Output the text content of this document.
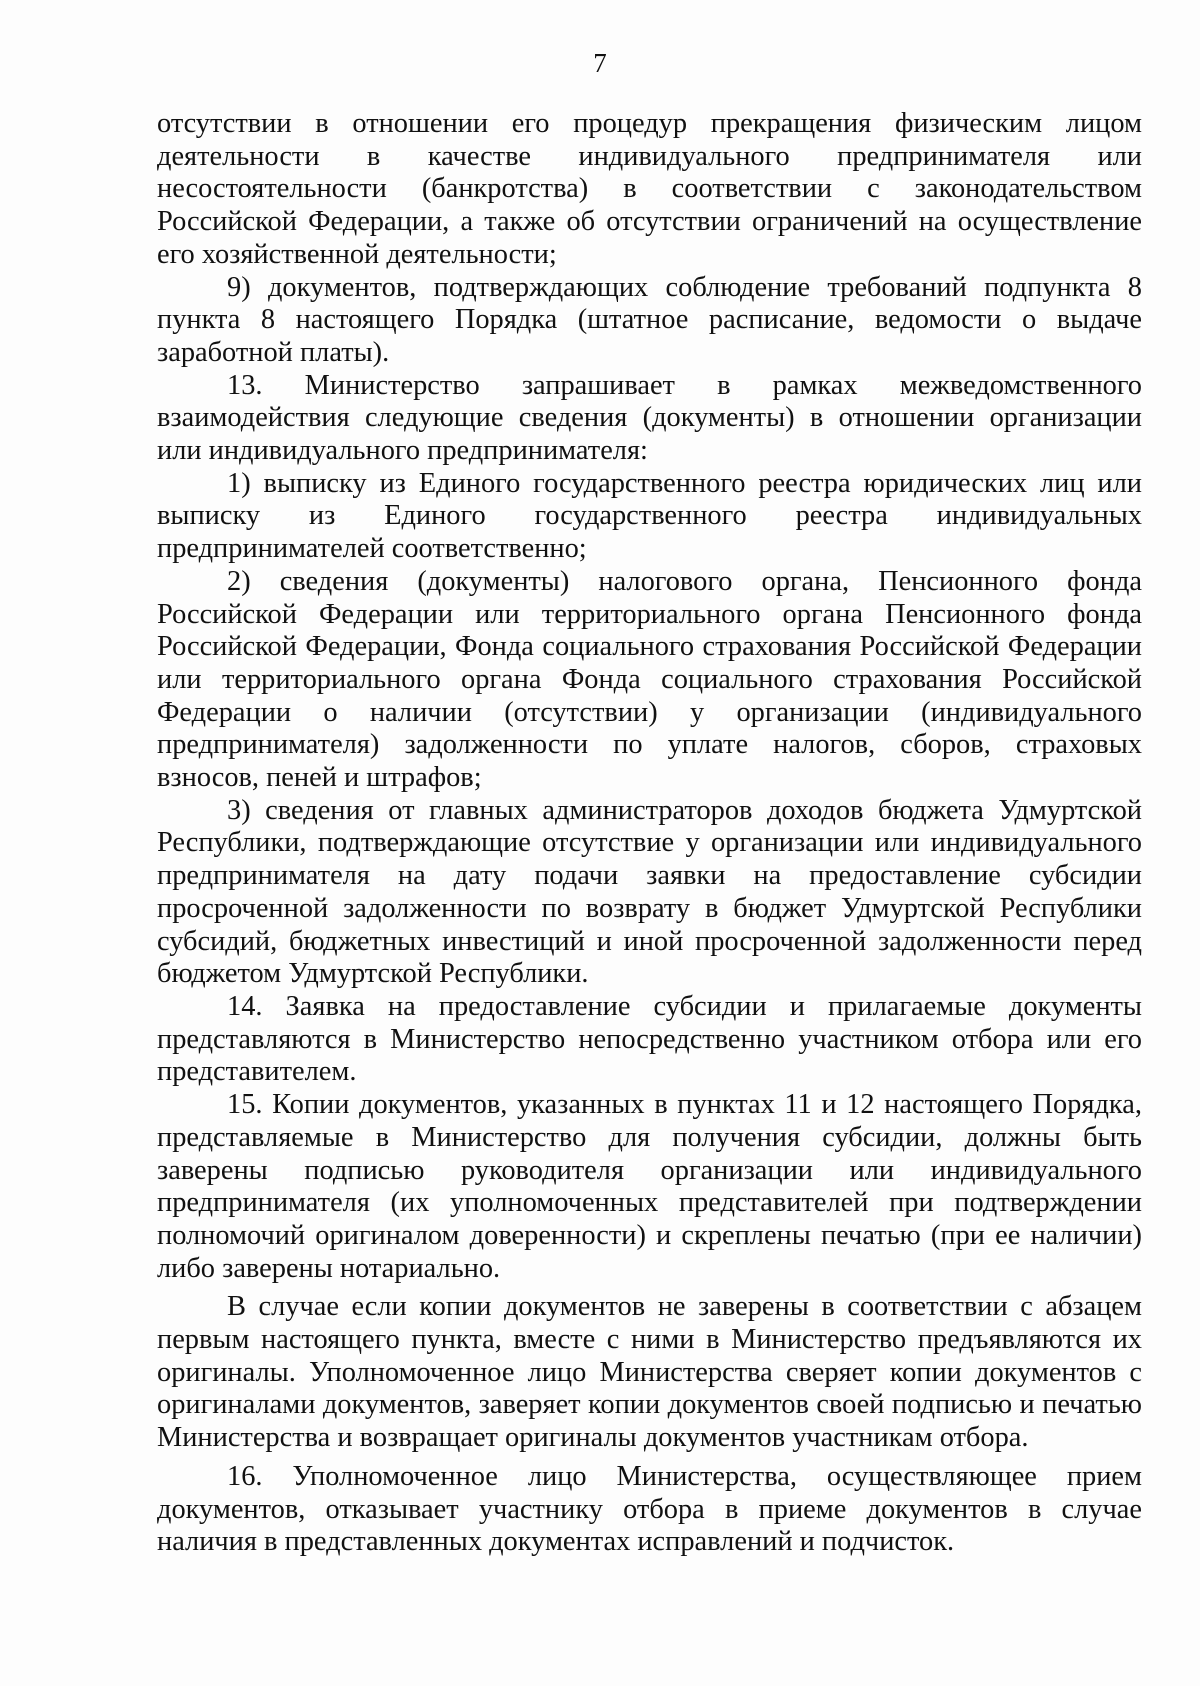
7

отсутствии в отношении его процедур прекращения физическим лицом деятельности в качестве индивидуального предпринимателя или несостоятельности (банкротства) в соответствии с законодательством Российской Федерации, а также об отсутствии ограничений на осуществление его хозяйственной деятельности;

9) документов, подтверждающих соблюдение требований подпункта 8 пункта 8 настоящего Порядка (штатное расписание, ведомости о выдаче заработной платы).

13. Министерство запрашивает в рамках межведомственного взаимодействия следующие сведения (документы) в отношении организации или индивидуального предпринимателя:

1) выписку из Единого государственного реестра юридических лиц или выписку из Единого государственного реестра индивидуальных предпринимателей соответственно;

2) сведения (документы) налогового органа, Пенсионного фонда Российской Федерации или территориального органа Пенсионного фонда Российской Федерации, Фонда социального страхования Российской Федерации или территориального органа Фонда социального страхования Российской Федерации о наличии (отсутствии) у организации (индивидуального предпринимателя) задолженности по уплате налогов, сборов, страховых взносов, пеней и штрафов;

3) сведения от главных администраторов доходов бюджета Удмуртской Республики, подтверждающие отсутствие у организации или индивидуального предпринимателя на дату подачи заявки на предоставление субсидии просроченной задолженности по возврату в бюджет Удмуртской Республики субсидий, бюджетных инвестиций и иной просроченной задолженности перед бюджетом Удмуртской Республики.

14. Заявка на предоставление субсидии и прилагаемые документы представляются в Министерство непосредственно участником отбора или его представителем.

15. Копии документов, указанных в пунктах 11 и 12 настоящего Порядка, представляемые в Министерство для получения субсидии, должны быть заверены подписью руководителя организации или индивидуального предпринимателя (их уполномоченных представителей при подтверждении полномочий оригиналом доверенности) и скреплены печатью (при ее наличии) либо заверены нотариально.

В случае если копии документов не заверены в соответствии с абзацем первым настоящего пункта, вместе с ними в Министерство предъявляются их оригиналы. Уполномоченное лицо Министерства сверяет копии документов с оригиналами документов, заверяет копии документов своей подписью и печатью Министерства и возвращает оригиналы документов участникам отбора.

16. Уполномоченное лицо Министерства, осуществляющее прием документов, отказывает участнику отбора в приеме документов в случае наличия в представленных документах исправлений и подчисток.
